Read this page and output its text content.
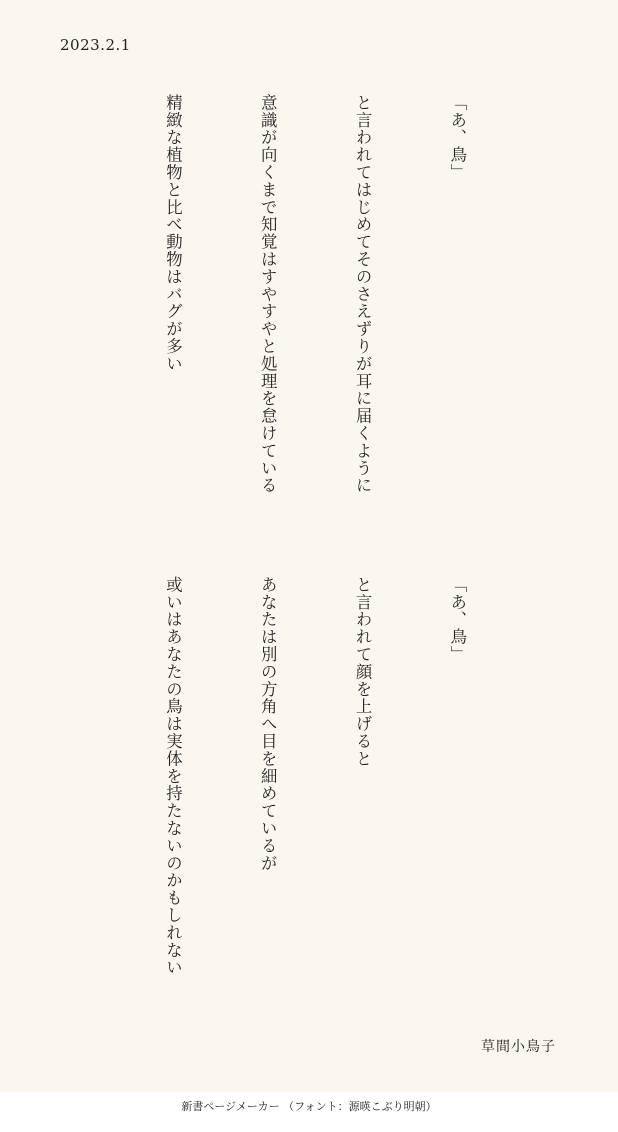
2023.2.1

「あ、鳥」

と言われてはじめてそのさえずりが耳に届くように

意識が向くまで知覚はすやすやと処理を怠けている

精緻な植物と比べ動物はバグが多い

「あ、鳥」

と言われて顔を上げると

あなたは別の方角へ目を細めているが

或いはあなたの鳥は実体を持たないのかもしれない

草間小鳥子
新書ページメーカー （フォント：源暎こぶり明朝）
